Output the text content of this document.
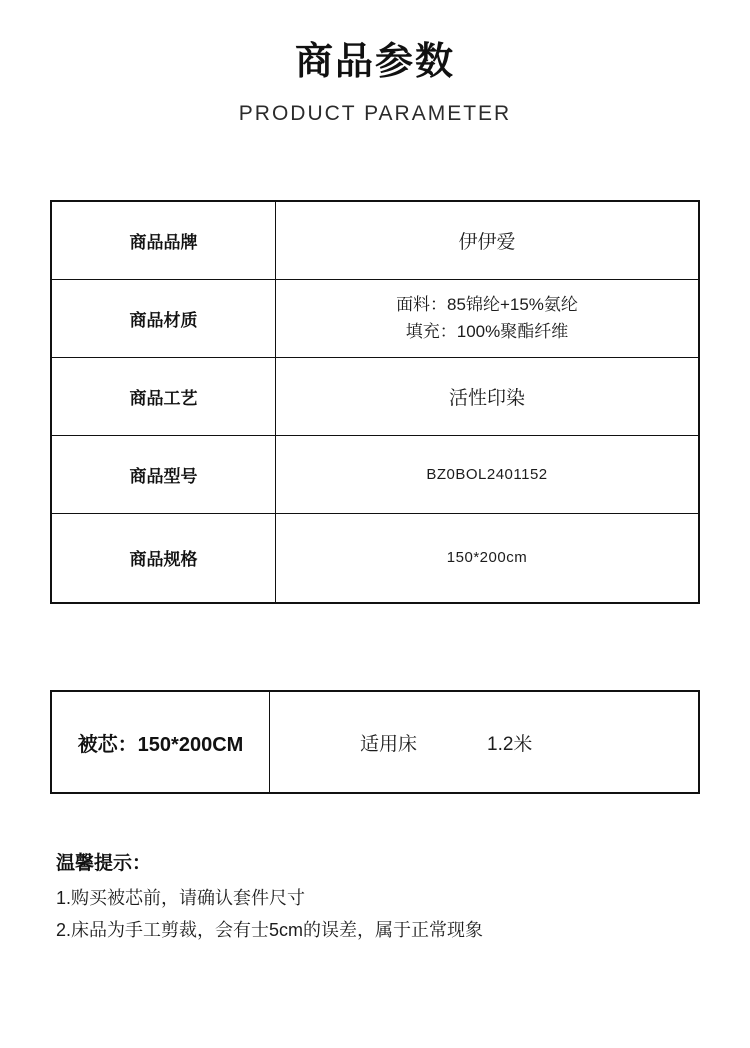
商品参数
PRODUCT PARAMETER
商品品牌	伊伊爱
商品材质	面料：85锦纶+15%氨纶
填充：100%聚酯纤维

商品工艺	活性印染
商品型号	BZ0BOL2401152
商品规格	150*200cm
被芯：150*200CM	适用床	1.2米
温馨提示：
1.购买被芯前，请确认套件尺寸
2.床品为手工剪裁，会有士5cm的误差，属于正常现象
